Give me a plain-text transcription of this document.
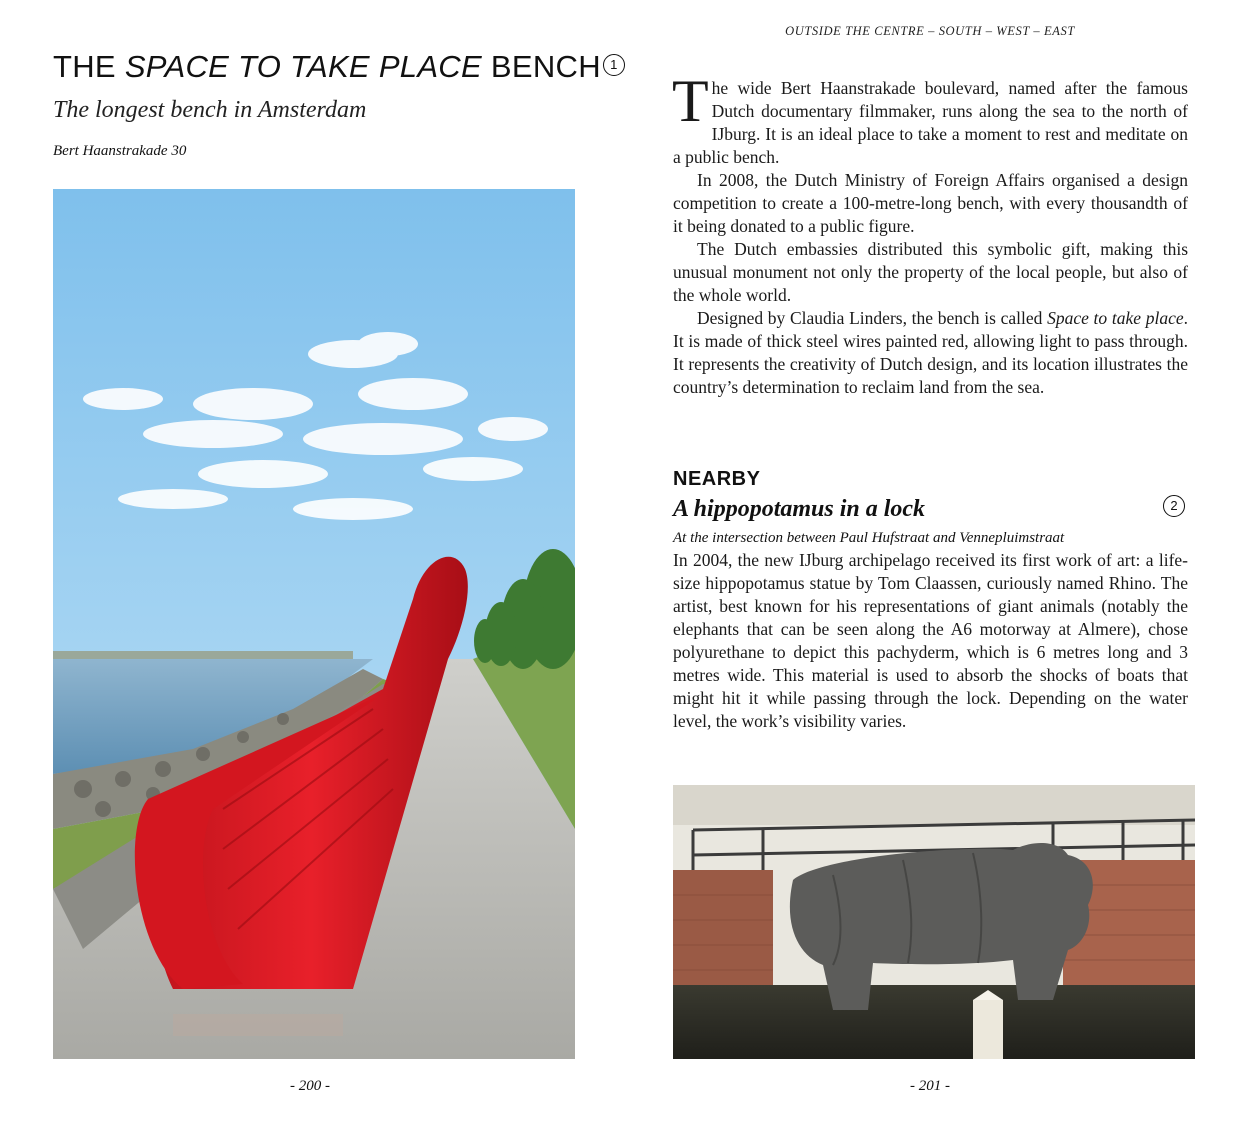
THE SPACE TO TAKE PLACE BENCH 1

The longest bench in Amsterdam

Bert Haanstrakade 30

- 200 -
OUTSIDE THE CENTRE – SOUTH – WEST – EAST

The wide Bert Haanstrakade boulevard, named after the famous Dutch documentary filmmaker, runs along the sea to the north of IJburg. It is an ideal place to take a moment to rest and meditate on a public bench.

In 2008, the Dutch Ministry of Foreign Affairs organised a design competition to create a 100-metre-long bench, with every thousandth of it being donated to a public figure.

The Dutch embassies distributed this symbolic gift, making this unusual monument not only the property of the local people, but also of the whole world.

Designed by Claudia Linders, the bench is called Space to take place. It is made of thick steel wires painted red, allowing light to pass through. It represents the creativity of Dutch design, and its location illustrates the country’s determination to reclaim land from the sea.

NEARBY
A hippopotamus in a lock	2

At the intersection between Paul Hufstraat and Vennepluimstraat

In 2004, the new IJburg archipelago received its first work of art: a life-size hippopotamus statue by Tom Claassen, curiously named Rhino. The artist, best known for his representations of giant animals (notably the elephants that can be seen along the A6 motorway at Almere), chose polyurethane to depict this pachyderm, which is 6 metres long and 3 metres wide. This material is used to absorb the shocks of boats that might hit it while passing through the lock. Depending on the water level, the work’s visibility varies.

- 201 -
